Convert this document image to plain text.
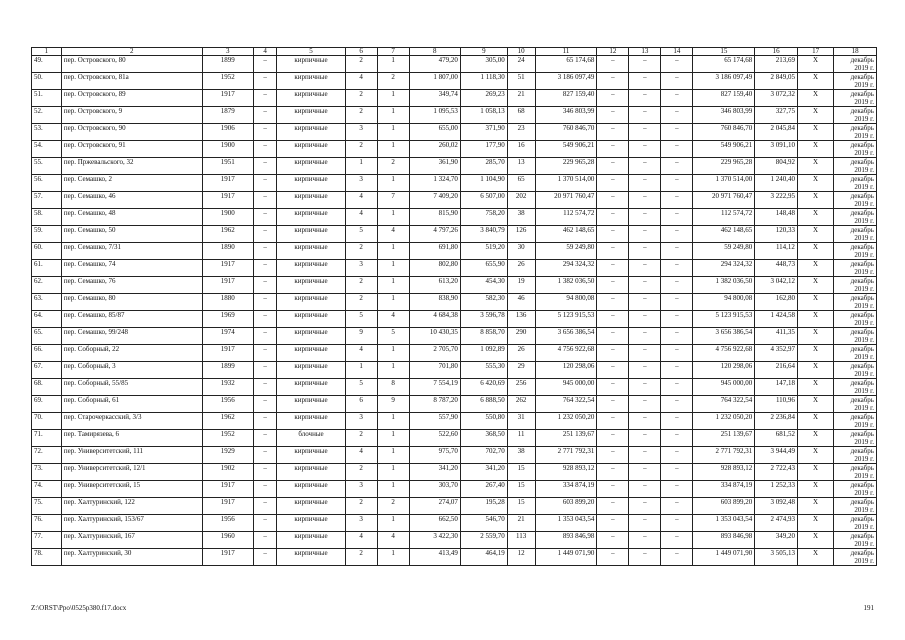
1	2	3	4	5	6	7	8	9	10	11	12	13	14	15	16	17	18
49.	пер. Островского, 80	1899	–	кирпичные	2	1	479,20	305,00	24	65 174,68	–	–	–	65 174,68	213,69	X	декабрь 2019 г.
50.	пер. Островского, 81а	1952	–	кирпичные	4	2	1 807,00	1 118,30	51	3 186 097,49	–	–	–	3 186 097,49	2 849,05	X	декабрь 2019 г.
51.	пер. Островского, 89	1917	–	кирпичные	2	1	349,74	269,23	21	827 159,40	–	–	–	827 159,40	3 072,32	X	декабрь 2019 г.
52.	пер. Островского, 9	1879	–	кирпичные	2	1	1 095,53	1 058,13	68	346 803,99	–	–	–	346 803,99	327,75	X	декабрь 2019 г.
53.	пер. Островского, 90	1906	–	кирпичные	3	1	655,00	371,90	23	760 846,70	–	–	–	760 846,70	2 045,84	X	декабрь 2019 г.
54.	пер. Островского, 91	1900	–	кирпичные	2	1	260,02	177,90	16	549 906,21	–	–	–	549 906,21	3 091,10	X	декабрь 2019 г.
55.	пер. Пржевальского, 32	1951	–	кирпичные	1	2	361,90	285,70	13	229 965,28	–	–	–	229 965,28	804,92	X	декабрь 2019 г.
56.	пер. Семашко, 2	1917	–	кирпичные	3	1	1 324,70	1 104,90	65	1 370 514,00	–	–	–	1 370 514,00	1 240,40	X	декабрь 2019 г.
57.	пер. Семашко, 46	1917	–	кирпичные	4	7	7 409,20	6 507,00	202	20 971 760,47	–	–	–	20 971 760,47	3 222,95	X	декабрь 2019 г.
58.	пер. Семашко, 48	1900	–	кирпичные	4	1	815,90	758,20	38	112 574,72	–	–	–	112 574,72	148,48	X	декабрь 2019 г.
59.	пер. Семашко, 50	1962	–	кирпичные	5	4	4 797,26	3 840,79	126	462 148,65	–	–	–	462 148,65	120,33	X	декабрь 2019 г.
60.	пер. Семашко, 7/31	1890	–	кирпичные	2	1	691,80	519,20	30	59 249,80	–	–	–	59 249,80	114,12	X	декабрь 2019 г.
61.	пер. Семашко, 74	1917	–	кирпичные	3	1	802,80	655,90	26	294 324,32	–	–	–	294 324,32	448,73	X	декабрь 2019 г.
62.	пер. Семашко, 76	1917	–	кирпичные	2	1	613,20	454,30	19	1 382 036,50	–	–	–	1 382 036,50	3 042,12	X	декабрь 2019 г.
63.	пер. Семашко, 80	1880	–	кирпичные	2	1	838,90	582,30	46	94 800,08	–	–	–	94 800,08	162,80	X	декабрь 2019 г.
64.	пер. Семашко, 85/87	1969	–	кирпичные	5	4	4 684,38	3 596,78	136	5 123 915,53	–	–	–	5 123 915,53	1 424,58	X	декабрь 2019 г.
65.	пер. Семашко, 99/248	1974	–	кирпичные	9	5	10 430,35	8 858,70	290	3 656 386,54	–	–	–	3 656 386,54	411,35	X	декабрь 2019 г.
66.	пер. Соборный, 22	1917	–	кирпичные	4	1	2 705,70	1 092,89	26	4 756 922,68	–	–	–	4 756 922,68	4 352,97	X	декабрь 2019 г.
67.	пер. Соборный, 3	1899	–	кирпичные	1	1	701,80	555,30	29	120 298,06	–	–	–	120 298,06	216,64	X	декабрь 2019 г.
68.	пер. Соборный, 55/85	1932	–	кирпичные	5	8	7 554,19	6 420,69	256	945 000,00	–	–	–	945 000,00	147,18	X	декабрь 2019 г.
69.	пер. Соборный, 61	1956	–	кирпичные	6	9	8 787,20	6 888,50	262	764 322,54	–	–	–	764 322,54	110,96	X	декабрь 2019 г.
70.	пер. Старочеркасский, 3/3	1962	–	кирпичные	3	1	557,90	550,80	31	1 232 050,20	–	–	–	1 232 050,20	2 236,84	X	декабрь 2019 г.
71.	пер. Тамирязева, 6	1952	–	блочные	2	1	522,60	368,50	11	251 139,67	–	–	–	251 139,67	681,52	X	декабрь 2019 г.
72.	пер. Университетский, 111	1929	–	кирпичные	4	1	975,70	702,70	38	2 771 792,31	–	–	–	2 771 792,31	3 944,49	X	декабрь 2019 г.
73.	пер. Университетский, 12/1	1902	–	кирпичные	2	1	341,20	341,20	15	928 893,12	–	–	–	928 893,12	2 722,43	X	декабрь 2019 г.
74.	пер. Университетский, 15	1917	–	кирпичные	3	1	303,70	267,40	15	334 874,19	–	–	–	334 874,19	1 252,33	X	декабрь 2019 г.
75.	пер. Халтуринский, 122	1917	–	кирпичные	2	2	274,07	195,28	15	603 899,20	–	–	–	603 899,20	3 092,48	X	декабрь 2019 г.
76.	пер. Халтуринский, 153/67	1956	–	кирпичные	3	1	662,50	546,70	21	1 353 043,54	–	–	–	1 353 043,54	2 474,93	X	декабрь 2019 г.
77.	пер. Халтуринский, 167	1960	–	кирпичные	4	4	3 422,30	2 559,70	113	893 846,98	–	–	–	893 846,98	349,20	X	декабрь 2019 г.
78.	пер. Халтуринский, 30	1917	–	кирпичные	2	1	413,49	464,19	12	1 449 071,90	–	–	–	1 449 071,90	3 505,13	X	декабрь 2019 г.
Z:\ORST\Ppo\0525p380.f17.docx	191
